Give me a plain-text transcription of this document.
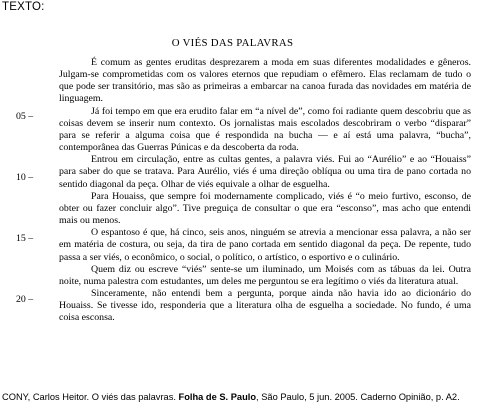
TEXTO:
O VIÉS DAS PALAVRAS
05 –
10 –
15 –
20 –

É comum as gentes eruditas desprezarem a moda em suas diferentes modalidades e gêneros. Julgam-se comprometidas com os valores eternos que repudiam o efêmero. Elas reclamam de tudo o que pode ser transitório, mas são as primeiras a embarcar na canoa furada das novidades em matéria de linguagem.

Já foi tempo em que era erudito falar em “a nível de”, como foi radiante quem descobriu que as coisas devem se inserir num contexto. Os jornalistas mais escolados descobriram o verbo “disparar” para se referir a alguma coisa que é respondida na bucha — e aí está uma palavra, “bucha”, contemporânea das Guerras Púnicas e da descoberta da roda.

Entrou em circulação, entre as cultas gentes, a palavra viés. Fui ao “Aurélio” e ao “Houaiss” para saber do que se tratava. Para Aurélio, viés é uma direção oblíqua ou uma tira de pano cortada no sentido diagonal da peça. Olhar de viés equivale a olhar de esguelha.

Para Houaiss, que sempre foi modernamente complicado, viés é “o meio furtivo, esconso, de obter ou fazer concluir algo”. Tive preguiça de consultar o que era “esconso”, mas acho que entendi mais ou menos.

O espantoso é que, há cinco, seis anos, ninguém se atrevia a mencionar essa palavra, a não ser em matéria de costura, ou seja, da tira de pano cortada em sentido diagonal da peça. De repente, tudo passa a ser viés, o econômico, o social, o político, o artístico, o esportivo e o culinário.

Quem diz ou escreve “viés” sente-se um iluminado, um Moisés com as tábuas da lei. Outra noite, numa palestra com estudantes, um deles me perguntou se era legítimo o viés da literatura atual.

Sinceramente, não entendi bem a pergunta, porque ainda não havia ido ao dicionário do Houaiss. Se tivesse ido, responderia que a literatura olha de esguelha a sociedade. No fundo, é uma coisa esconsa.

CONY, Carlos Heitor. O viés das palavras. Folha de S. Paulo, São Paulo, 5 jun. 2005. Caderno Opinião, p. A2.
